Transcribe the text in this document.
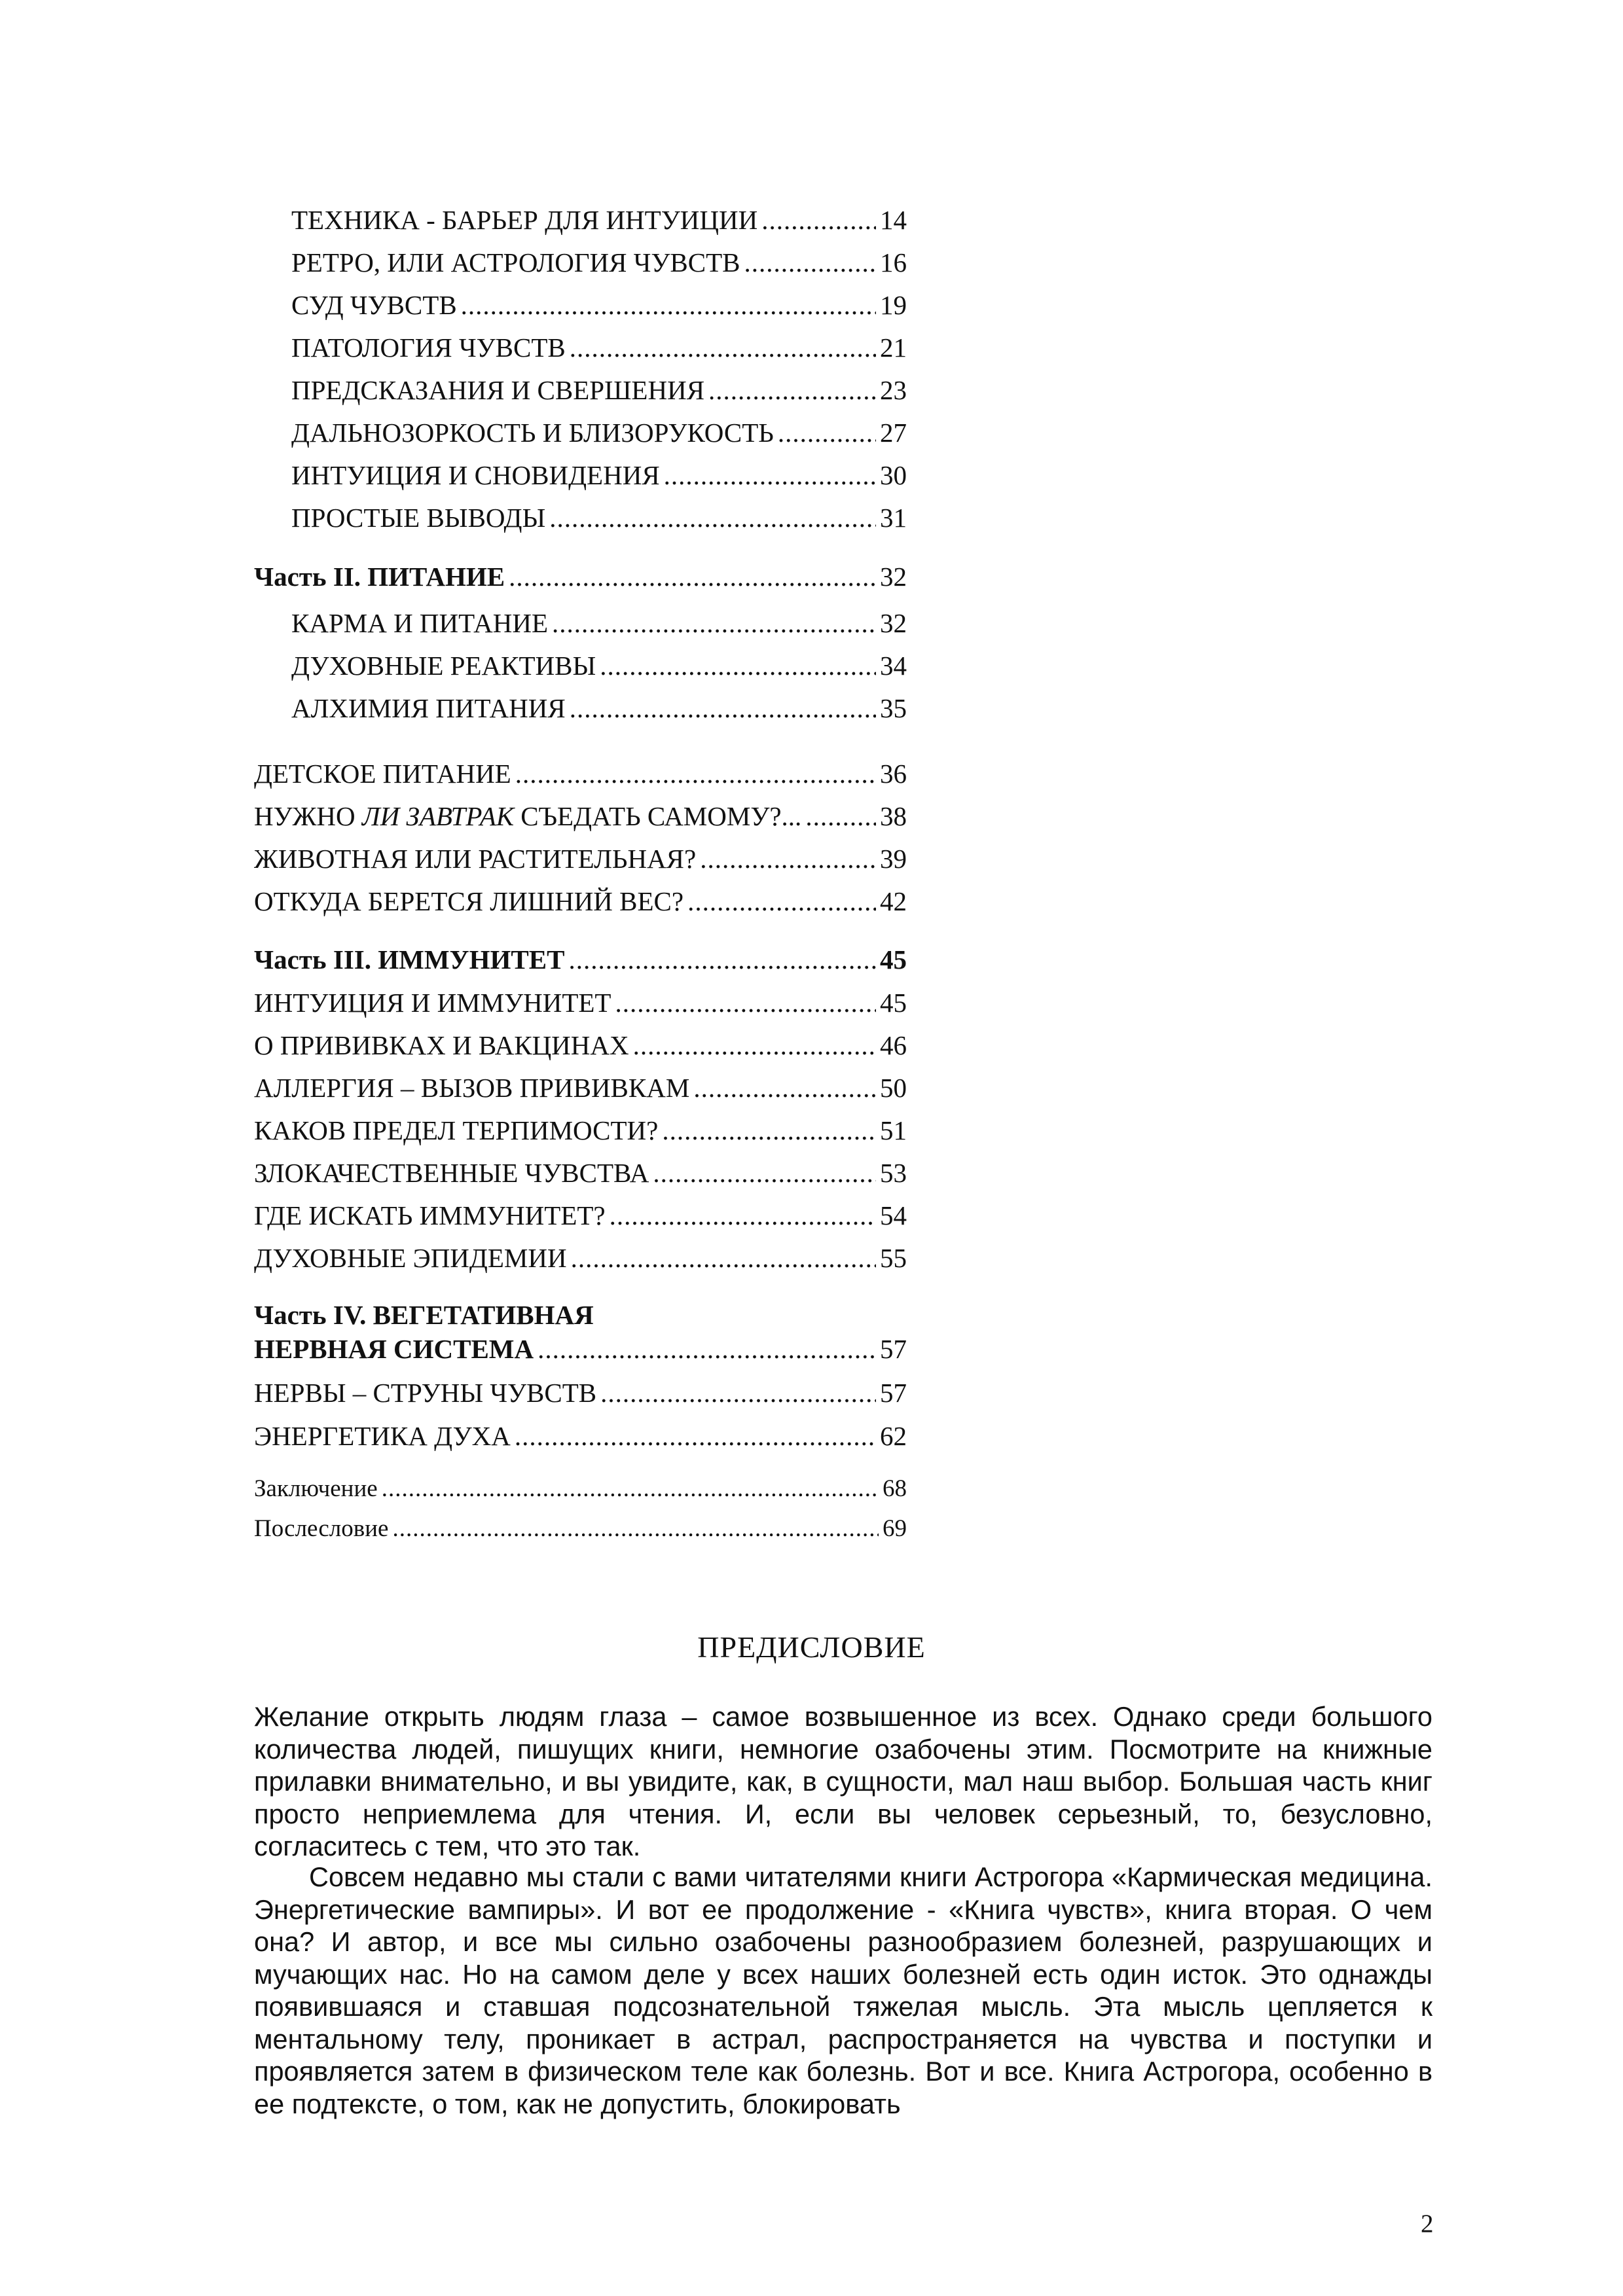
ТЕХНИКА - БАРЬЕР ДЛЯ ИНТУИЦИИ .....	14
РЕТРО, ИЛИ АСТРОЛОГИЯ ЧУВСТВ .....	16
СУД ЧУВСТВ .....	19
ПАТОЛОГИЯ ЧУВСТВ .....	21
ПРЕДСКАЗАНИЯ И СВЕРШЕНИЯ .....	23
ДАЛЬНОЗОРКОСТЬ И БЛИЗОРУКОСТЬ .....	27
ИНТУИЦИЯ И СНОВИДЕНИЯ .....	30
ПРОСТЫЕ ВЫВОДЫ .....	31
Часть II. ПИТАНИЕ .....	32
КАРМА И ПИТАНИЕ .....	32
ДУХОВНЫЕ РЕАКТИВЫ .....	34
АЛХИМИЯ ПИТАНИЯ .....	35
ДЕТСКОЕ ПИТАНИЕ .....	36
НУЖНО ЛИ ЗАВТРАК СЪЕДАТЬ САМОМУ?... .....	38
ЖИВОТНАЯ ИЛИ РАСТИТЕЛЬНАЯ? .....	39
ОТКУДА БЕРЕТСЯ ЛИШНИЙ ВЕС? .....	42
Часть III. ИММУНИТЕТ .....	45
ИНТУИЦИЯ И ИММУНИТЕТ .....	45
О ПРИВИВКАХ И ВАКЦИНАХ .....	46
АЛЛЕРГИЯ – ВЫЗОВ ПРИВИВКАМ .....	50
КАКОВ ПРЕДЕЛ ТЕРПИМОСТИ? .....	51
ЗЛОКАЧЕСТВЕННЫЕ ЧУВСТВА .....	53
ГДЕ ИСКАТЬ ИММУНИТЕТ? .....	54
ДУХОВНЫЕ ЭПИДЕМИИ .....	55
Часть IV. ВЕГЕТАТИВНАЯ
НЕРВНАЯ СИСТЕМА .....	57
НЕРВЫ – СТРУНЫ ЧУВСТВ .....	57
ЭНЕРГЕТИКА ДУХА .....	62
Заключение .....	68
Послесловие .....	69
ПРЕДИСЛОВИЕ

Желание открыть людям глаза – самое возвышенное из всех. Однако среди большого количества людей, пишущих книги, немногие озабочены этим. Посмотрите на книжные прилавки внимательно, и вы увидите, как, в сущности, мал наш выбор. Большая часть книг просто неприемлема для чтения. И, если вы человек серьезный, то, безусловно, согласитесь с тем, что это так.

Совсем недавно мы стали с вами читателями книги Астрогора «Кармическая медицина. Энергетические вампиры». И вот ее продолжение - «Книга чувств», книга вторая. О чем она? И автор, и все мы сильно озабочены разнообразием болезней, разрушающих и мучающих нас. Но на самом деле у всех наших болезней есть один исток. Это однажды появившаяся и ставшая подсознательной тяжелая мысль. Эта мысль цепляется к ментальному телу, проникает в астрал, распространяется на чувства и поступки и проявляется затем в физическом теле как болезнь. Вот и все. Книга Астрогора, особенно в ее подтексте, о том, как не допустить, блокировать

2
